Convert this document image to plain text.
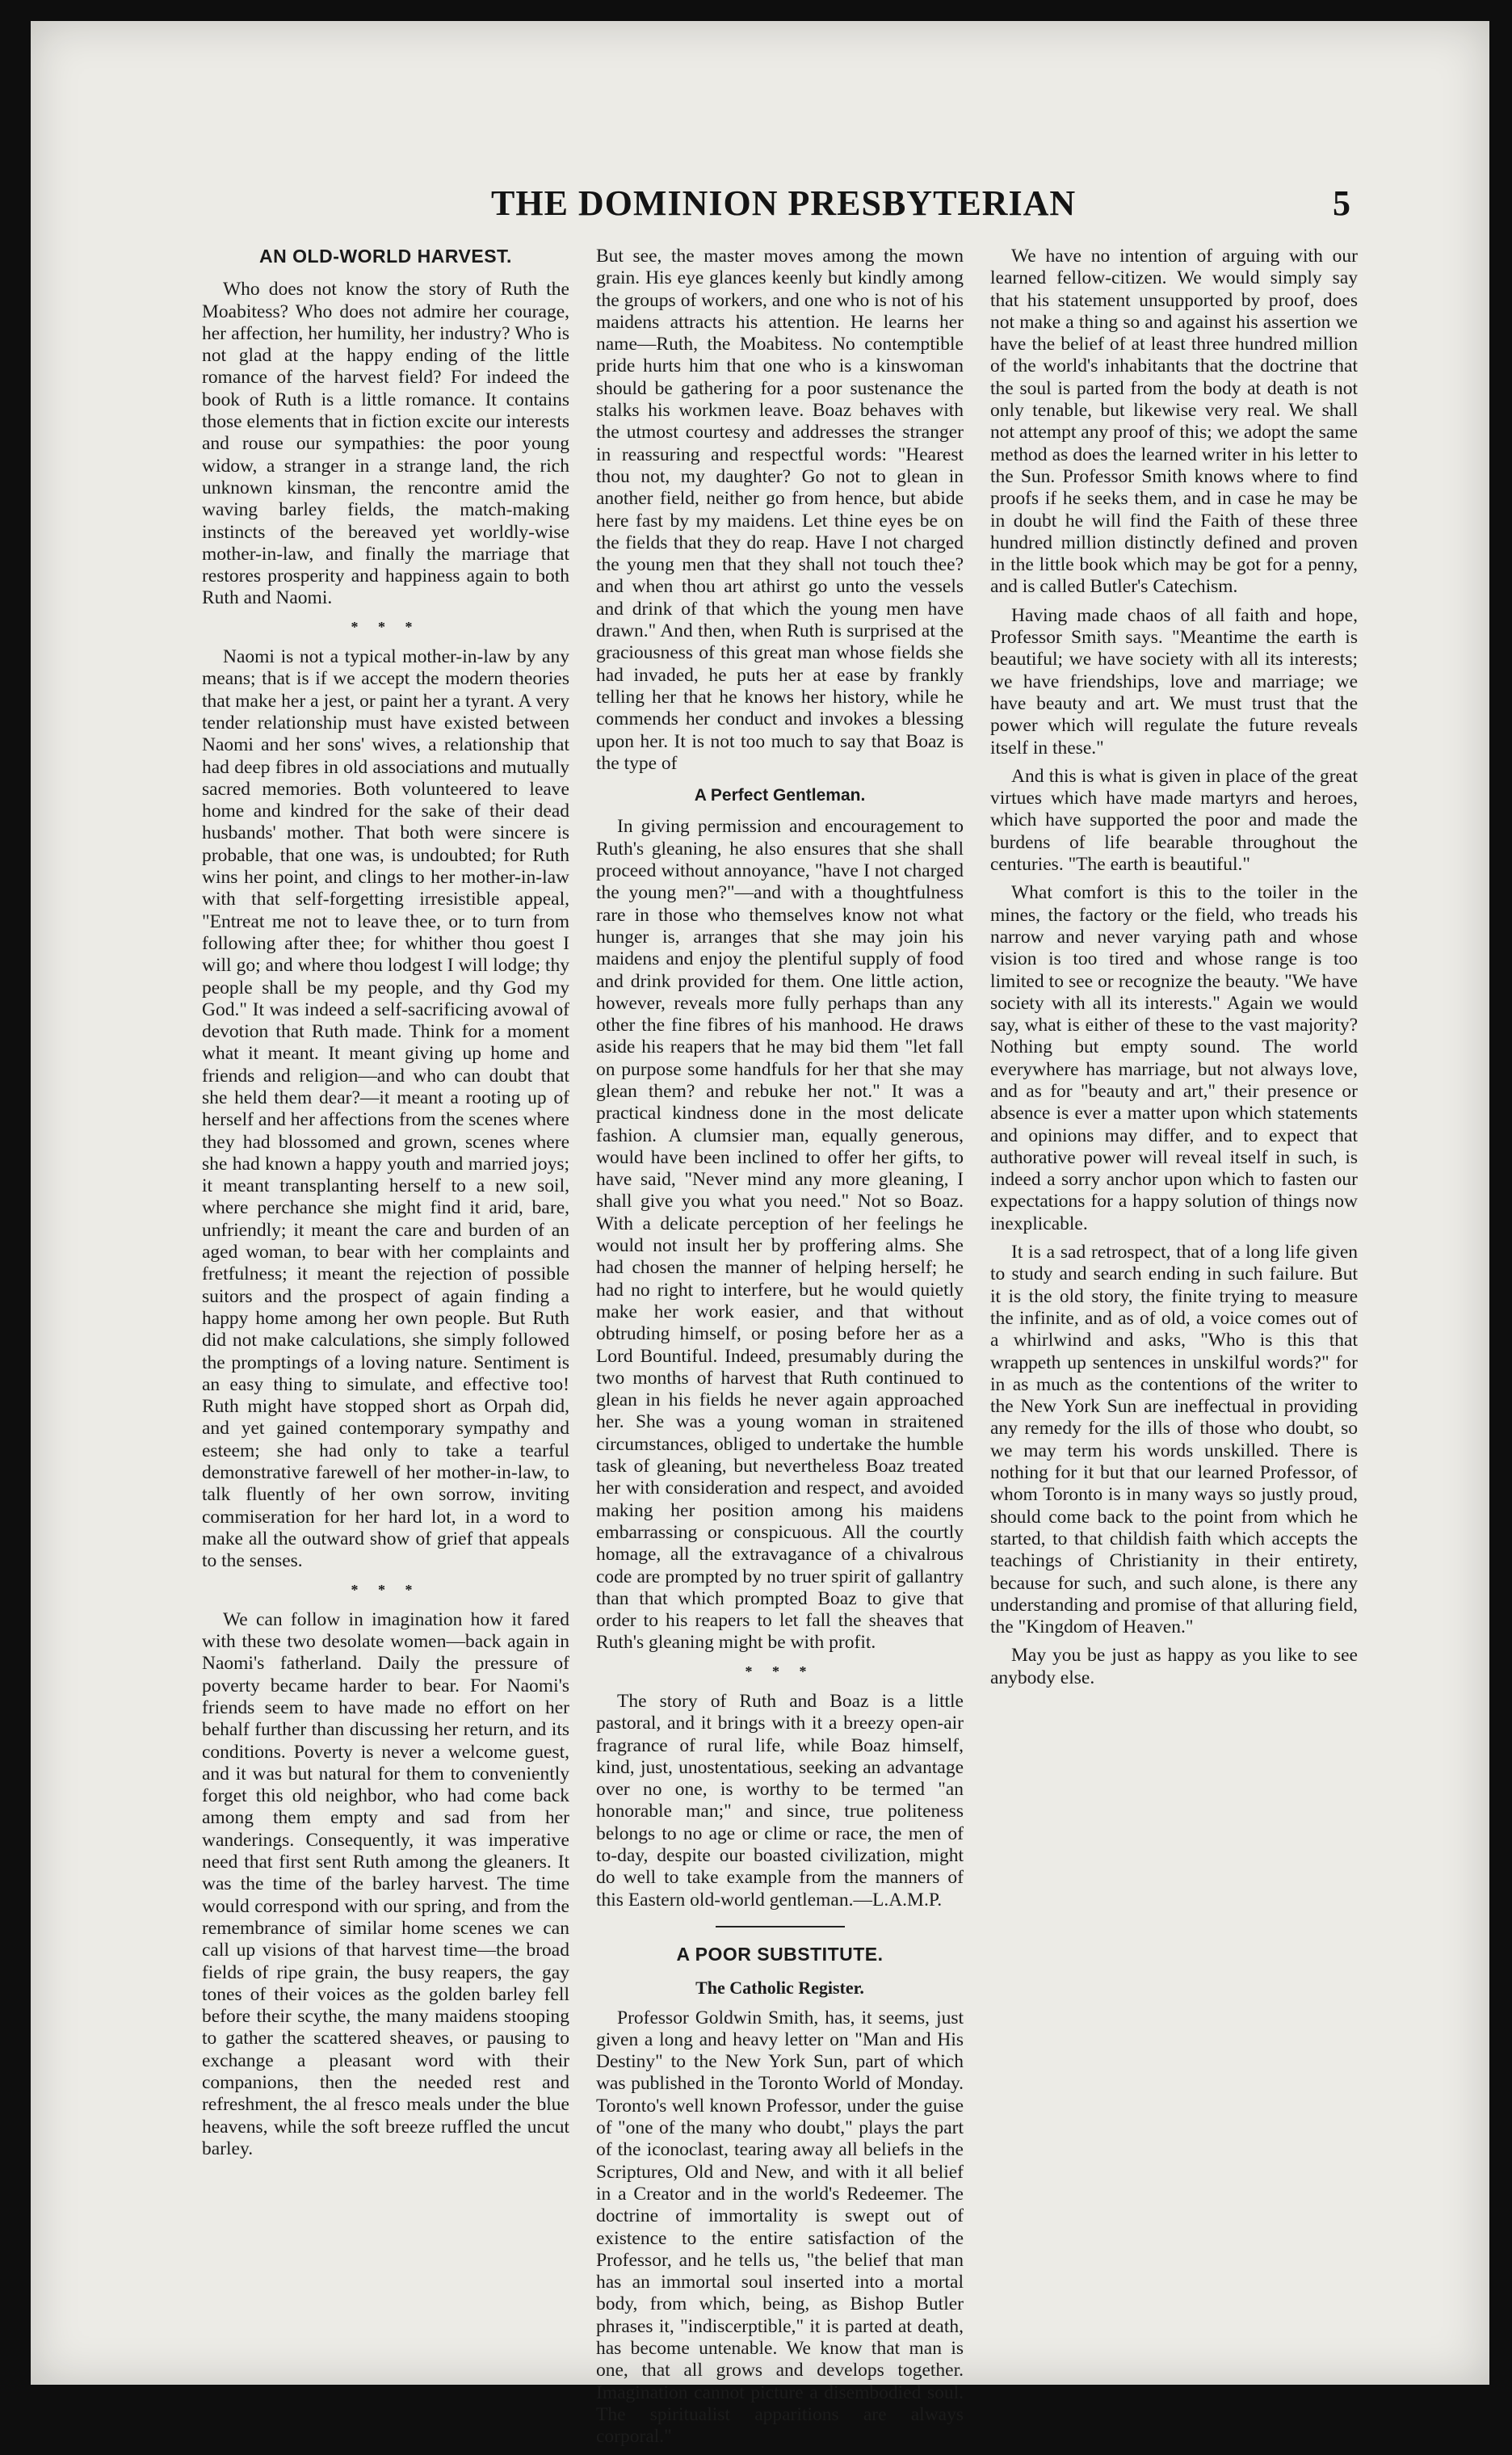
THE DOMINION PRESBYTERIAN	5
AN OLD-WORLD HARVEST.

Who does not know the story of Ruth the Moabitess? Who does not admire her courage, her affection, her humility, her industry? Who is not glad at the happy ending of the little romance of the harvest field? For indeed the book of Ruth is a little romance. It contains those elements that in fiction excite our interests and rouse our sympathies: the poor young widow, a stranger in a strange land, the rich unknown kinsman, the rencontre amid the waving barley fields, the match-making instincts of the bereaved yet worldly-wise mother-in-law, and finally the marriage that restores prosperity and happiness again to both Ruth and Naomi.

* * *

Naomi is not a typical mother-in-law by any means; that is if we accept the modern theories that make her a jest, or paint her a tyrant. A very tender relationship must have existed between Naomi and her sons' wives, a relationship that had deep fibres in old associations and mutually sacred memories. Both volunteered to leave home and kindred for the sake of their dead husbands' mother. That both were sincere is probable, that one was, is undoubted; for Ruth wins her point, and clings to her mother-in-law with that self-forgetting irresistible appeal, "Entreat me not to leave thee, or to turn from following after thee; for whither thou goest I will go; and where thou lodgest I will lodge; thy people shall be my people, and thy God my God." It was indeed a self-sacrificing avowal of devotion that Ruth made. Think for a moment what it meant. It meant giving up home and friends and religion—and who can doubt that she held them dear?—it meant a rooting up of herself and her affections from the scenes where they had blossomed and grown, scenes where she had known a happy youth and married joys; it meant transplanting herself to a new soil, where perchance she might find it arid, bare, unfriendly; it meant the care and burden of an aged woman, to bear with her complaints and fretfulness; it meant the rejection of possible suitors and the prospect of again finding a happy home among her own people. But Ruth did not make calculations, she simply followed the promptings of a loving nature. Sentiment is an easy thing to simulate, and effective too! Ruth might have stopped short as Orpah did, and yet gained contemporary sympathy and esteem; she had only to take a tearful demonstrative farewell of her mother-in-law, to talk fluently of her own sorrow, inviting commiseration for her hard lot, in a word to make all the outward show of grief that appeals to the senses.

* * *

We can follow in imagination how it fared with these two desolate women—back again in Naomi's fatherland. Daily the pressure of poverty became harder to bear. For Naomi's friends seem to have made no effort on her behalf further than discussing her return, and its conditions. Poverty is never a welcome guest, and it was but natural for them to conveniently forget this old neighbor, who had come back among them empty and sad from her wanderings. Consequently, it was imperative need that first sent Ruth among the gleaners. It was the time of the barley harvest. The time would correspond with our spring, and from the remembrance of similar home scenes we can call up visions of that harvest time—the broad fields of ripe grain, the busy reapers, the gay tones of their voices as the golden barley fell before their scythe, the many maidens stooping to gather the scattered sheaves, or pausing to exchange a pleasant word with their companions, then the needed rest and refreshment, the al fresco meals under the blue heavens, while the soft breeze ruffled the uncut barley.

But see, the master moves among the mown grain. His eye glances keenly but kindly among the groups of workers, and one who is not of his maidens attracts his attention. He learns her name—Ruth, the Moabitess. No contemptible pride hurts him that one who is a kinswoman should be gathering for a poor sustenance the stalks his workmen leave. Boaz behaves with the utmost courtesy and addresses the stranger in reassuring and respectful words: "Hearest thou not, my daughter? Go not to glean in another field, neither go from hence, but abide here fast by my maidens. Let thine eyes be on the fields that they do reap. Have I not charged the young men that they shall not touch thee? and when thou art athirst go unto the vessels and drink of that which the young men have drawn." And then, when Ruth is surprised at the graciousness of this great man whose fields she had invaded, he puts her at ease by frankly telling her that he knows her history, while he commends her conduct and invokes a blessing upon her. It is not too much to say that Boaz is the type of

A Perfect Gentleman.

In giving permission and encouragement to Ruth's gleaning, he also ensures that she shall proceed without annoyance, "have I not charged the young men?"—and with a thoughtfulness rare in those who themselves know not what hunger is, arranges that she may join his maidens and enjoy the plentiful supply of food and drink provided for them. One little action, however, reveals more fully perhaps than any other the fine fibres of his manhood. He draws aside his reapers that he may bid them "let fall on purpose some handfuls for her that she may glean them? and rebuke her not." It was a practical kindness done in the most delicate fashion. A clumsier man, equally generous, would have been inclined to offer her gifts, to have said, "Never mind any more gleaning, I shall give you what you need." Not so Boaz. With a delicate perception of her feelings he would not insult her by proffering alms. She had chosen the manner of helping herself; he had no right to interfere, but he would quietly make her work easier, and that without obtruding himself, or posing before her as a Lord Bountiful. Indeed, presumably during the two months of harvest that Ruth continued to glean in his fields he never again approached her. She was a young woman in straitened circumstances, obliged to undertake the humble task of gleaning, but nevertheless Boaz treated her with consideration and respect, and avoided making her position among his maidens embarrassing or conspicuous. All the courtly homage, all the extravagance of a chivalrous code are prompted by no truer spirit of gallantry than that which prompted Boaz to give that order to his reapers to let fall the sheaves that Ruth's gleaning might be with profit.

* * *

The story of Ruth and Boaz is a little pastoral, and it brings with it a breezy open-air fragrance of rural life, while Boaz himself, kind, just, unostentatious, seeking an advantage over no one, is worthy to be termed "an honorable man;" and since, true politeness belongs to no age or clime or race, the men of to-day, despite our boasted civilization, might do well to take example from the manners of this Eastern old-world gentleman.—L.A.M.P.

A POOR SUBSTITUTE.
The Catholic Register.

Professor Goldwin Smith, has, it seems, just given a long and heavy letter on "Man and His Destiny" to the New York Sun, part of which was published in the Toronto World of Monday. Toronto's well known Professor, under the guise of "one of the many who doubt," plays the part of the iconoclast, tearing away all beliefs in the Scriptures, Old and New, and with it all belief in a Creator and in the world's Redeemer. The doctrine of immortality is swept out of existence to the entire satisfaction of the Professor, and he tells us, "the belief that man has an immortal soul inserted into a mortal body, from which, being, as Bishop Butler phrases it, "indiscerptible," it is parted at death, has become untenable. We know that man is one, that all grows and develops together. Imagination cannot picture a disembodied soul. The spiritualist apparitions are always corporal."

We have no intention of arguing with our learned fellow-citizen. We would simply say that his statement unsupported by proof, does not make a thing so and against his assertion we have the belief of at least three hundred million of the world's inhabitants that the doctrine that the soul is parted from the body at death is not only tenable, but likewise very real. We shall not attempt any proof of this; we adopt the same method as does the learned writer in his letter to the Sun. Professor Smith knows where to find proofs if he seeks them, and in case he may be in doubt he will find the Faith of these three hundred million distinctly defined and proven in the little book which may be got for a penny, and is called Butler's Catechism.

Having made chaos of all faith and hope, Professor Smith says. "Meantime the earth is beautiful; we have society with all its interests; we have friendships, love and marriage; we have beauty and art. We must trust that the power which will regulate the future reveals itself in these."

And this is what is given in place of the great virtues which have made martyrs and heroes, which have supported the poor and made the burdens of life bearable throughout the centuries. "The earth is beautiful."

What comfort is this to the toiler in the mines, the factory or the field, who treads his narrow and never varying path and whose vision is too tired and whose range is too limited to see or recognize the beauty. "We have society with all its interests." Again we would say, what is either of these to the vast majority? Nothing but empty sound. The world everywhere has marriage, but not always love, and as for "beauty and art," their presence or absence is ever a matter upon which statements and opinions may differ, and to expect that authorative power will reveal itself in such, is indeed a sorry anchor upon which to fasten our expectations for a happy solution of things now inexplicable.

It is a sad retrospect, that of a long life given to study and search ending in such failure. But it is the old story, the finite trying to measure the infinite, and as of old, a voice comes out of a whirlwind and asks, "Who is this that wrappeth up sentences in unskilful words?" for in as much as the contentions of the writer to the New York Sun are ineffectual in providing any remedy for the ills of those who doubt, so we may term his words unskilled. There is nothing for it but that our learned Professor, of whom Toronto is in many ways so justly proud, should come back to the point from which he started, to that childish faith which accepts the teachings of Christianity in their entirety, because for such, and such alone, is there any understanding and promise of that alluring field, the "Kingdom of Heaven."

May you be just as happy as you like to see anybody else.
